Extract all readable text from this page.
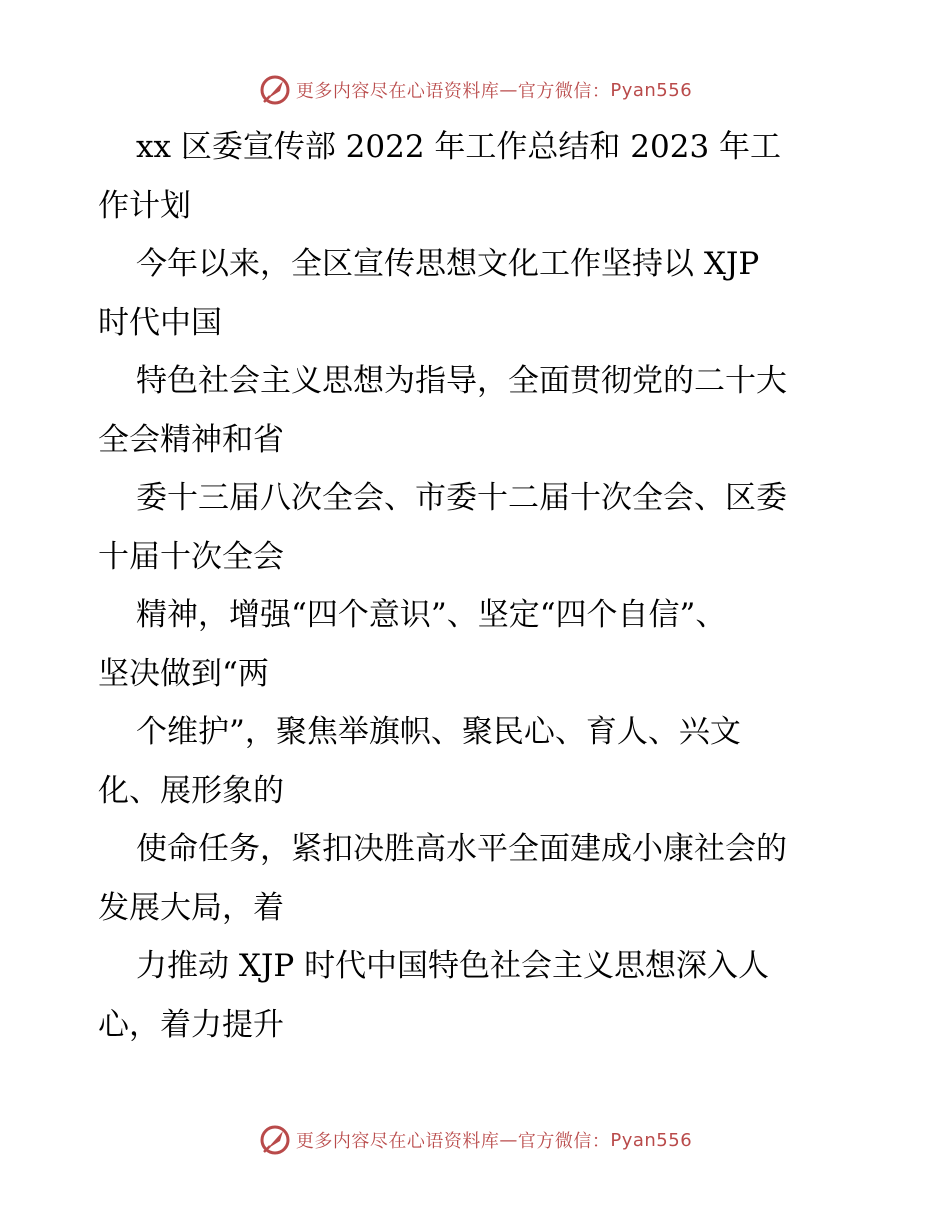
更多内容尽在心语资料库 — 官方微信： Pyan556
xx 区委宣传部 2022 年工作总结和 2023 年工
作计划
今年以来，全区宣传思想文化工作坚持以 XJP
时代中国
特色社会主义思想为指导，全面贯彻党的二十大
全会精神和省
委十三届八次全会、市委十二届十次全会、区委
十届十次全会
精神，增强“四个意识”、坚定“四个自信”、
坚决做到“两
个维护”，聚焦举旗帜、聚民心、育人、兴文
化、展形象的
使命任务，紧扣决胜高水平全面建成小康社会的
发展大局，着
力推动 XJP 时代中国特色社会主义思想深入人
心，着力提升
更多内容尽在心语资料库 — 官方微信： Pyan556
